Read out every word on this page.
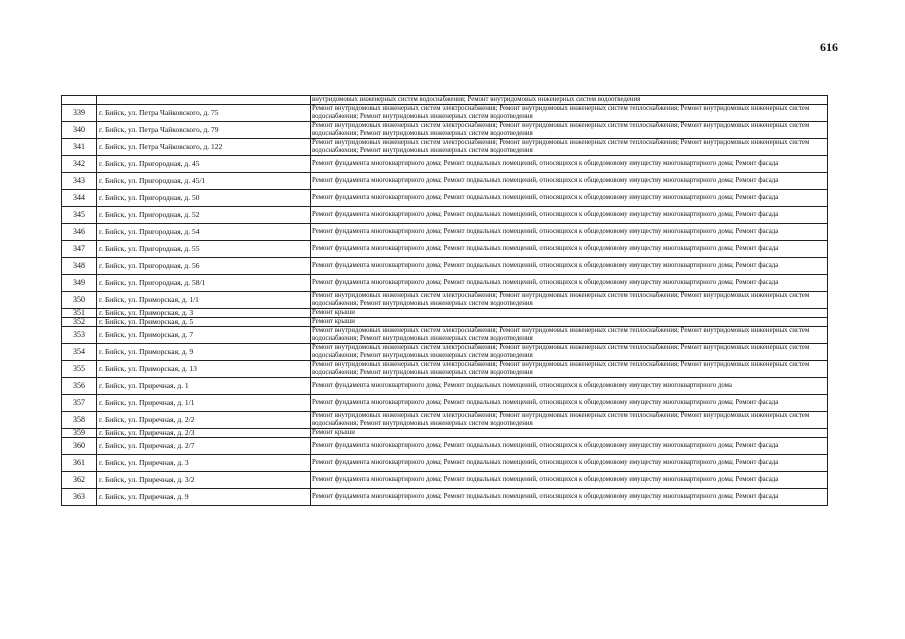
616
		внутридомовых инженерных систем водоснабжения; Ремонт внутридомовых инженерных систем водоотведения
339	г. Бийск, ул. Петра Чайковского, д. 75	Ремонт внутридомовых инженерных систем электроснабжения; Ремонт внутридомовых инженерных систем теплоснабжения; Ремонт внутридомовых инженерных систем водоснабжения; Ремонт внутридомовых инженерных систем водоотведения
340	г. Бийск, ул. Петра Чайковского, д. 79	Ремонт внутридомовых инженерных систем электроснабжения; Ремонт внутридомовых инженерных систем теплоснабжения; Ремонт внутридомовых инженерных систем водоснабжения; Ремонт внутридомовых инженерных систем водоотведения
341	г. Бийск, ул. Петра Чайковского, д. 122	Ремонт внутридомовых инженерных систем электроснабжения; Ремонт внутридомовых инженерных систем теплоснабжения; Ремонт внутридомовых инженерных систем водоснабжения; Ремонт внутридомовых инженерных систем водоотведения
342	г. Бийск, ул. Пригородная, д. 45	Ремонт фундамента многоквартирного дома; Ремонт подвальных помещений, относящихся к общедомовому имуществу многоквартирного дома; Ремонт фасада
343	г. Бийск, ул. Пригородная, д. 45/1	Ремонт фундамента многоквартирного дома; Ремонт подвальных помещений, относящихся к общедомовому имуществу многоквартирного дома; Ремонт фасада
344	г. Бийск, ул. Пригородная, д. 50	Ремонт фундамента многоквартирного дома; Ремонт подвальных помещений, относящихся к общедомовому имуществу многоквартирного дома; Ремонт фасада
345	г. Бийск, ул. Пригородная, д. 52	Ремонт фундамента многоквартирного дома; Ремонт подвальных помещений, относящихся к общедомовому имуществу многоквартирного дома; Ремонт фасада
346	г. Бийск, ул. Пригородная, д. 54	Ремонт фундамента многоквартирного дома; Ремонт подвальных помещений, относящихся к общедомовому имуществу многоквартирного дома; Ремонт фасада
347	г. Бийск, ул. Пригородная, д. 55	Ремонт фундамента многоквартирного дома; Ремонт подвальных помещений, относящихся к общедомовому имуществу многоквартирного дома; Ремонт фасада
348	г. Бийск, ул. Пригородная, д. 56	Ремонт фундамента многоквартирного дома; Ремонт подвальных помещений, относящихся к общедомовому имуществу многоквартирного дома; Ремонт фасада
349	г. Бийск, ул. Пригородная, д. 58/1	Ремонт фундамента многоквартирного дома; Ремонт подвальных помещений, относящихся к общедомовому имуществу многоквартирного дома; Ремонт фасада
350	г. Бийск, ул. Приморская, д. 1/1	Ремонт внутридомовых инженерных систем электроснабжения; Ремонт внутридомовых инженерных систем теплоснабжения; Ремонт внутридомовых инженерных систем водоснабжения; Ремонт внутридомовых инженерных систем водоотведения
351	г. Бийск, ул. Приморская, д. 3	Ремонт крыши
352	г. Бийск, ул. Приморская, д. 5	Ремонт крыши
353	г. Бийск, ул. Приморская, д. 7	Ремонт внутридомовых инженерных систем электроснабжения; Ремонт внутридомовых инженерных систем теплоснабжения; Ремонт внутридомовых инженерных систем водоснабжения; Ремонт внутридомовых инженерных систем водоотведения
354	г. Бийск, ул. Приморская, д. 9	Ремонт внутридомовых инженерных систем электроснабжения; Ремонт внутридомовых инженерных систем теплоснабжения; Ремонт внутридомовых инженерных систем водоснабжения; Ремонт внутридомовых инженерных систем водоотведения
355	г. Бийск, ул. Приморская, д. 13	Ремонт внутридомовых инженерных систем электроснабжения; Ремонт внутридомовых инженерных систем теплоснабжения; Ремонт внутридомовых инженерных систем водоснабжения; Ремонт внутридомовых инженерных систем водоотведения
356	г. Бийск, ул. Приречная, д. 1	Ремонт фундамента многоквартирного дома; Ремонт подвальных помещений, относящихся к общедомовому имуществу многоквартирного дома
357	г. Бийск, ул. Приречная, д. 1/1	Ремонт фундамента многоквартирного дома; Ремонт подвальных помещений, относящихся к общедомовому имуществу многоквартирного дома; Ремонт фасада
358	г. Бийск, ул. Приречная, д. 2/2	Ремонт внутридомовых инженерных систем электроснабжения; Ремонт внутридомовых инженерных систем теплоснабжения; Ремонт внутридомовых инженерных систем водоснабжения; Ремонт внутридомовых инженерных систем водоотведения
359	г. Бийск, ул. Приречная, д. 2/3	Ремонт крыши
360	г. Бийск, ул. Приречная, д. 2/7	Ремонт фундамента многоквартирного дома; Ремонт подвальных помещений, относящихся к общедомовому имуществу многоквартирного дома; Ремонт фасада
361	г. Бийск, ул. Приречная, д. 3	Ремонт фундамента многоквартирного дома; Ремонт подвальных помещений, относящихся к общедомовому имуществу многоквартирного дома; Ремонт фасада
362	г. Бийск, ул. Приречная, д. 3/2	Ремонт фундамента многоквартирного дома; Ремонт подвальных помещений, относящихся к общедомовому имуществу многоквартирного дома; Ремонт фасада
363	г. Бийск, ул. Приречная, д. 9	Ремонт фундамента многоквартирного дома; Ремонт подвальных помещений, относящихся к общедомовому имуществу многоквартирного дома; Ремонт фасада
